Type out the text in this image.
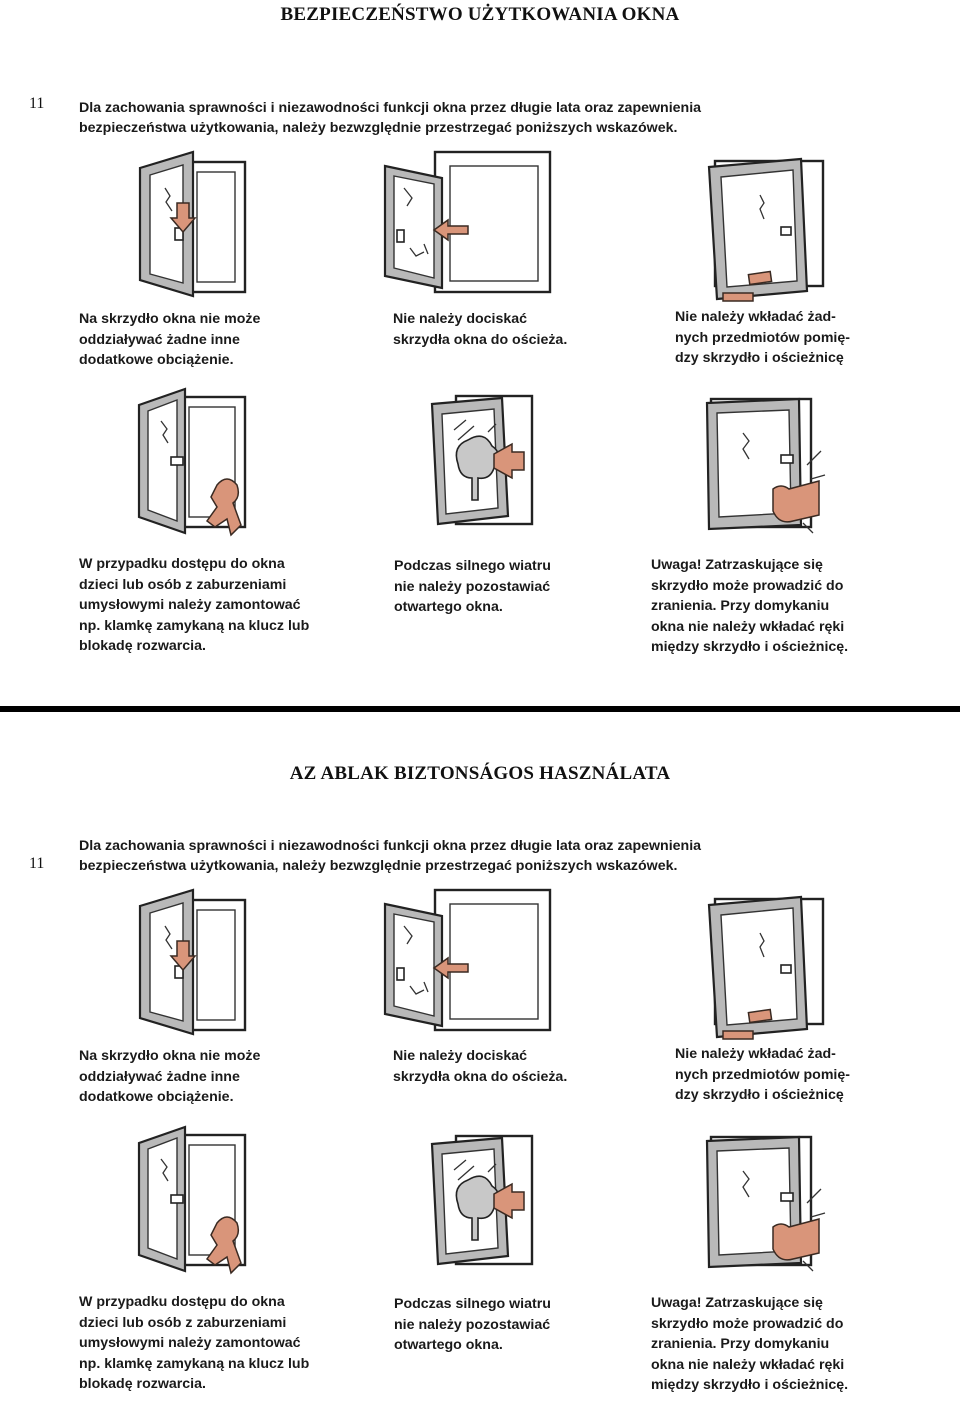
BEZPIECZEŃSTWO UŻYTKOWANIA OKNA
11 Dla zachowania sprawności i niezawodności funkcji okna przez długie lata oraz zapewnienia
bezpieczeństwa użytkowania, należy bezwzględnie przestrzegać poniższych wskazówek.
Na skrzydło okna nie może
oddziaływać żadne inne
dodatkowe obciążenie.
Nie należy dociskać
skrzydła okna do ościeża.
Nie należy wkładać żad-
nych przedmiotów pomię-
dzy skrzydło i ościeżnicę
W przypadku dostępu do okna
dzieci lub osób z zaburzeniami
umysłowymi należy zamontować
np. klamkę zamykaną na klucz lub
blokadę rozwarcia.
Podczas silnego wiatru
nie należy pozostawiać
otwartego okna.
Uwaga! Zatrzaskujące się
skrzydło może prowadzić do
zranienia. Przy domykaniu
okna nie należy wkładać ręki
między skrzydło i ościeżnicę.
AZ ABLAK BIZTONSÁGOS HASZNÁLATA
11
Dla zachowania sprawności i niezawodności funkcji okna przez długie lata oraz zapewnienia
bezpieczeństwa użytkowania, należy bezwzględnie przestrzegać poniższych wskazówek.
Na skrzydło okna nie może
oddziaływać żadne inne
dodatkowe obciążenie.
Nie należy dociskać
skrzydła okna do ościeża.
Nie należy wkładać żad-
nych przedmiotów pomię-
dzy skrzydło i ościeżnicę
W przypadku dostępu do okna
dzieci lub osób z zaburzeniami
umysłowymi należy zamontować
np. klamkę zamykaną na klucz lub
blokadę rozwarcia.
Podczas silnego wiatru
nie należy pozostawiać
otwartego okna.
Uwaga! Zatrzaskujące się
skrzydło może prowadzić do
zranienia. Przy domykaniu
okna nie należy wkładać ręki
między skrzydło i ościeżnicę.
